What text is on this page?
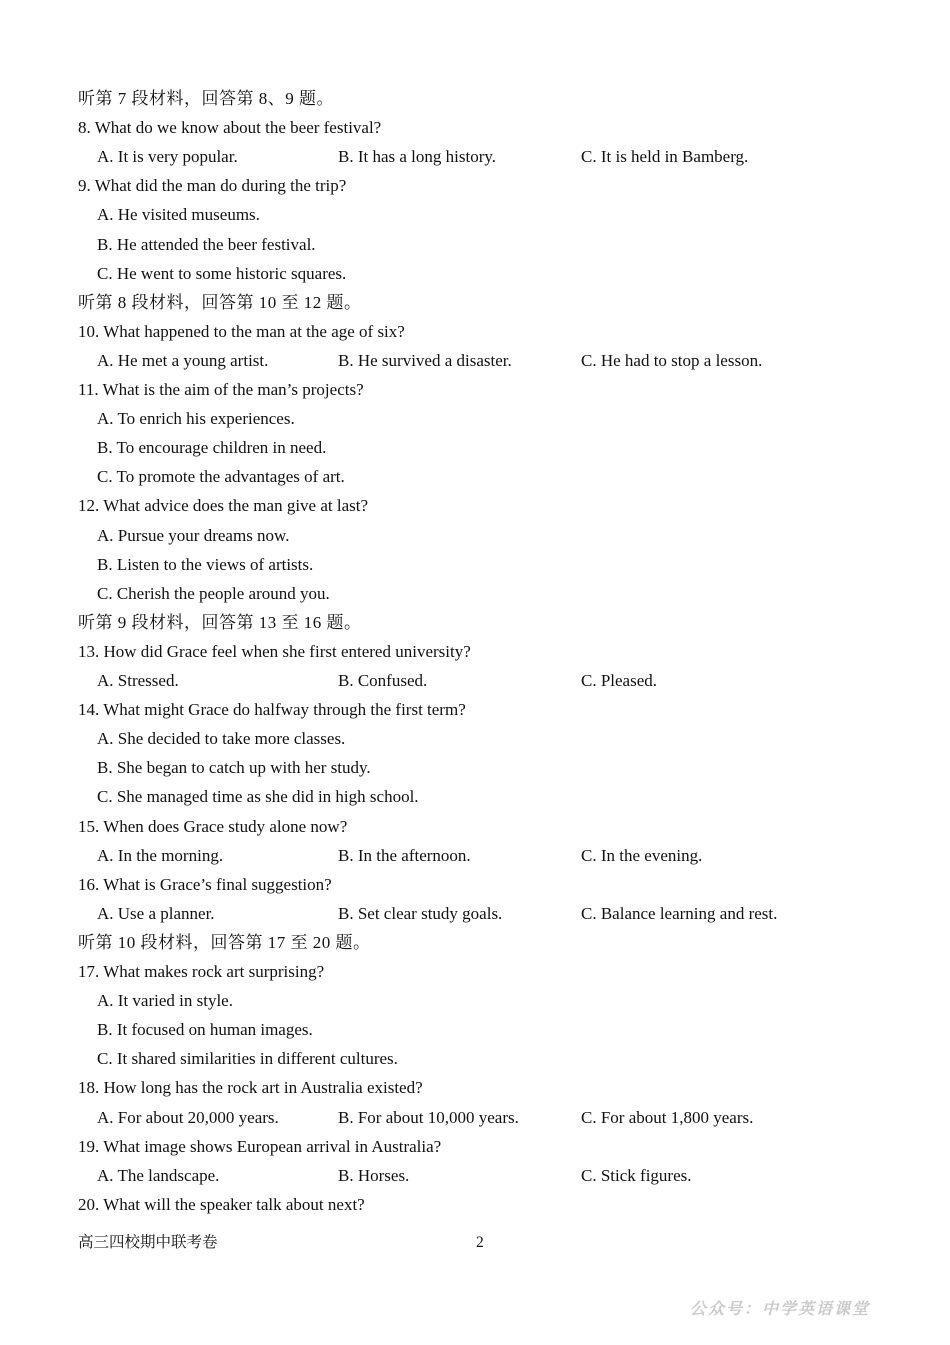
听第 7 段材料，回答第 8、9 题。
8. What do we know about the beer festival?
A. It is very popular.	B. It has a long history.	C. It is held in Bamberg.
9. What did the man do during the trip?
A. He visited museums.
B. He attended the beer festival.
C. He went to some historic squares.
听第 8 段材料，回答第 10 至 12 题。
10. What happened to the man at the age of six?
A. He met a young artist.	B. He survived a disaster.	C. He had to stop a lesson.
11. What is the aim of the man’s projects?
A. To enrich his experiences.
B. To encourage children in need.
C. To promote the advantages of art.
12. What advice does the man give at last?
A. Pursue your dreams now.
B. Listen to the views of artists.
C. Cherish the people around you.
听第 9 段材料，回答第 13 至 16 题。
13. How did Grace feel when she first entered university?
A. Stressed.	B. Confused.	C. Pleased.
14. What might Grace do halfway through the first term?
A. She decided to take more classes.
B. She began to catch up with her study.
C. She managed time as she did in high school.
15. When does Grace study alone now?
A. In the morning.	B. In the afternoon.	C. In the evening.
16. What is Grace’s final suggestion?
A. Use a planner.	B. Set clear study goals.	C. Balance learning and rest.
听第 10 段材料，回答第 17 至 20 题。
17. What makes rock art surprising?
A. It varied in style.
B. It focused on human images.
C. It shared similarities in different cultures.
18. How long has the rock art in Australia existed?
A. For about 20,000 years.	B. For about 10,000 years.	C. For about 1,800 years.
19. What image shows European arrival in Australia?
A. The landscape.	B. Horses.	C. Stick figures.
20. What will the speaker talk about next?
高三四校期中联考卷	2
公众号：中学英语课堂
